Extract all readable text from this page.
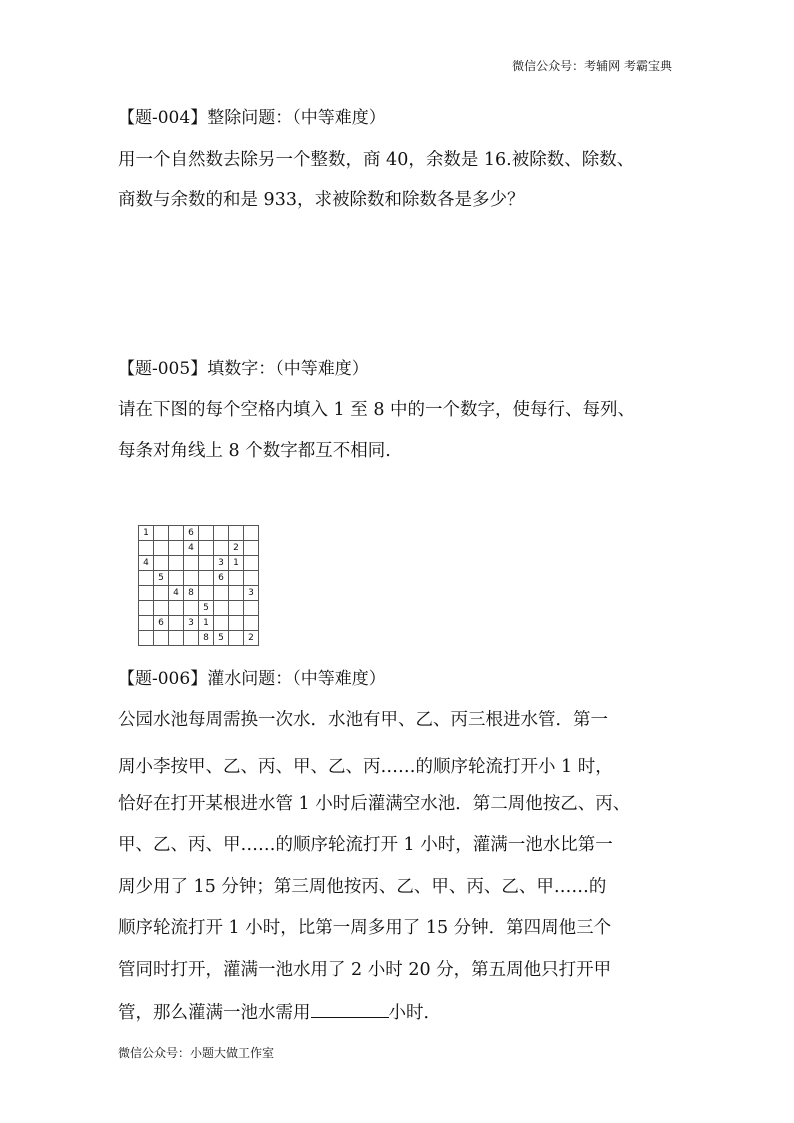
微信公众号：考辅网 考霸宝典
【题-004】整除问题：（中等难度）
用一个自然数去除另一个整数，商 40，余数是 16.被除数、除数、
商数与余数的和是 933，求被除数和除数各是多少？
【题-005】填数字：（中等难度）
请在下图的每个空格内填入 1 至 8 中的一个数字，使每行、每列、
每条对角线上 8 个数字都互不相同.
1			6				
			4			2	
4					3	1	
	5				6		
		4	8				3
				5			
	6		3	1			
				8	5		2
【题-006】灌水问题：（中等难度）
公园水池每周需换一次水．水池有甲、乙、丙三根进水管．第一
周小李按甲、乙、丙、甲、乙、丙……的顺序轮流打开小 1 时，
恰好在打开某根进水管 1 小时后灌满空水池．第二周他按乙、丙、
甲、乙、丙、甲……的顺序轮流打开 1 小时，灌满一池水比第一
周少用了 15 分钟；第三周他按丙、乙、甲、丙、乙、甲……的
顺序轮流打开 1 小时，比第一周多用了 15 分钟．第四周他三个
管同时打开，灌满一池水用了 2 小时 20 分，第五周他只打开甲
管，那么灌满一池水需用	小时．
微信公众号：小题大做工作室
